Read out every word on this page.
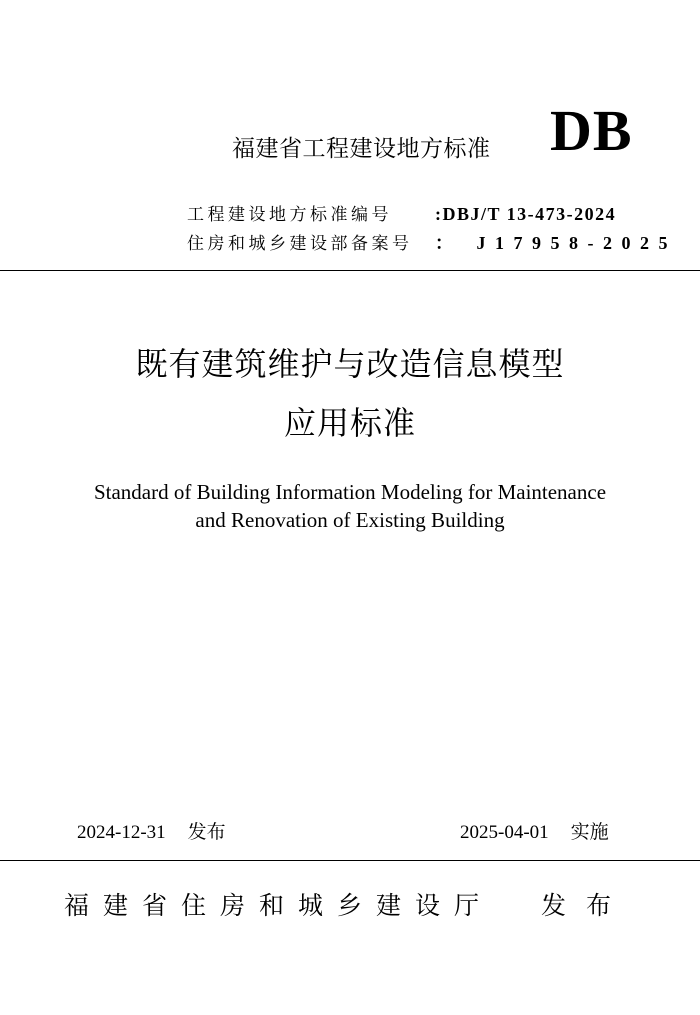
福建省工程建设地方标准 DB
工程建设地方标准编号	:DBJ/T 13-473-2024
住房和城乡建设部备案号	： J17958-2025
既有建筑维护与改造信息模型
应用标准
Standard of Building Information Modeling for Maintenance
and Renovation of Existing Building
2024-12-31 发布	2025-04-01 实施
福建省住房和城乡建设厅 发布
